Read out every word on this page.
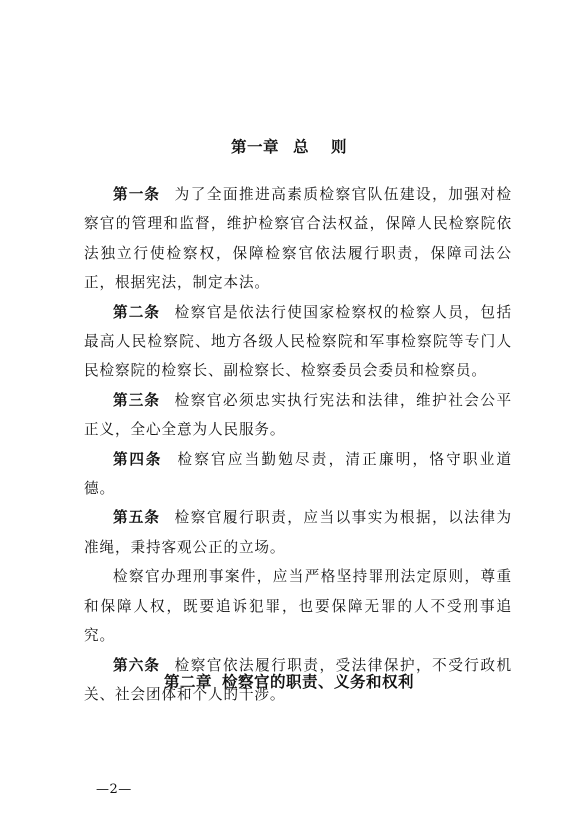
第一章 总 则

第一条 为了全面推进高素质检察官队伍建设，加强对检察官的管理和监督，维护检察官合法权益，保障人民检察院依法独立行使检察权，保障检察官依法履行职责，保障司法公正，根据宪法，制定本法。

第二条 检察官是依法行使国家检察权的检察人员，包括最高人民检察院、地方各级人民检察院和军事检察院等专门人民检察院的检察长、副检察长、检察委员会委员和检察员。

第三条 检察官必须忠实执行宪法和法律，维护社会公平正义，全心全意为人民服务。

第四条 检察官应当勤勉尽责，清正廉明，恪守职业道德。

第五条 检察官履行职责，应当以事实为根据，以法律为准绳，秉持客观公正的立场。

检察官办理刑事案件，应当严格坚持罪刑法定原则，尊重和保障人权，既要追诉犯罪，也要保障无罪的人不受刑事追究。

第六条 检察官依法履行职责，受法律保护，不受行政机关、社会团体和个人的干涉。

第二章 检察官的职责、义务和权利
—2—
